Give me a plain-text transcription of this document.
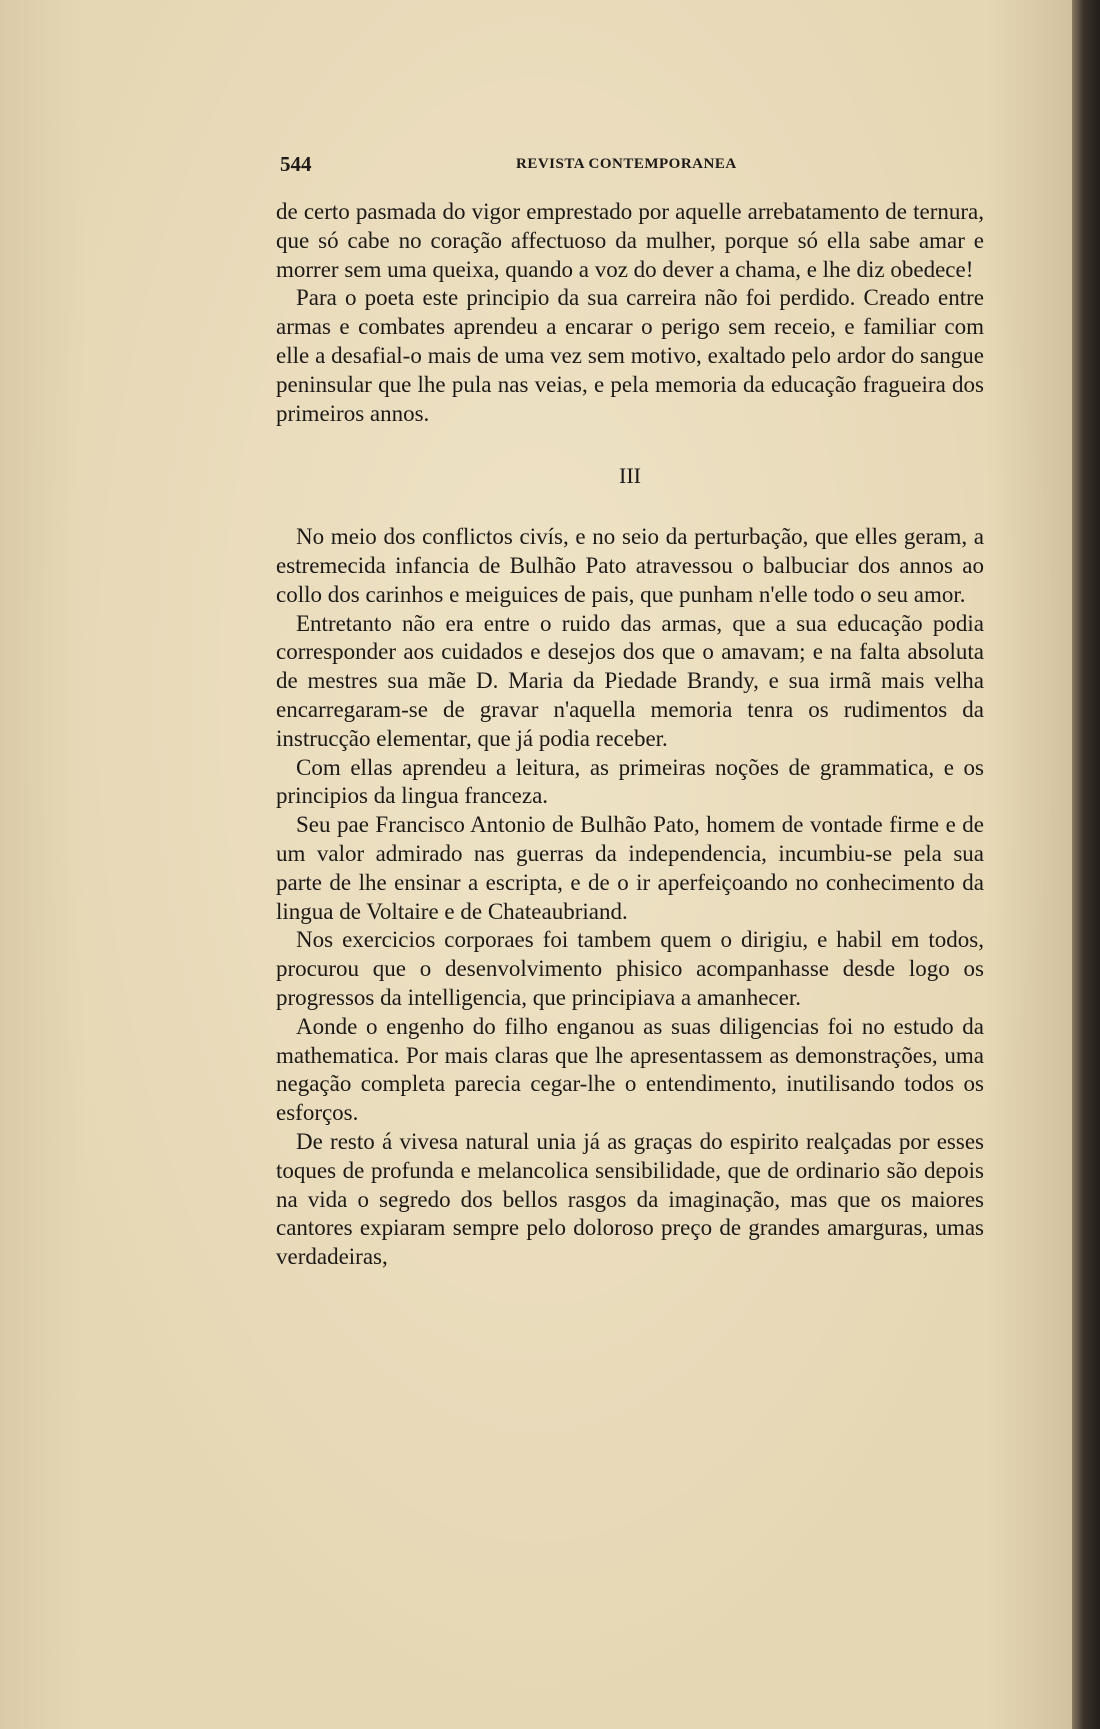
544	REVISTA CONTEMPORANEA

de certo pasmada do vigor emprestado por aquelle arrebatamento de ternura, que só cabe no coração affectuoso da mulher, porque só ella sabe amar e morrer sem uma queixa, quando a voz do dever a chama, e lhe diz obedece!

Para o poeta este principio da sua carreira não foi perdido. Creado entre armas e combates aprendeu a encarar o perigo sem receio, e familiar com elle a desafial-o mais de uma vez sem motivo, exaltado pelo ardor do sangue peninsular que lhe pula nas veias, e pela memoria da educação fragueira dos primeiros annos.

III

No meio dos conflictos civís, e no seio da perturbação, que elles geram, a estremecida infancia de Bulhão Pato atravessou o balbuciar dos annos ao collo dos carinhos e meiguices de pais, que punham n'elle todo o seu amor.

Entretanto não era entre o ruido das armas, que a sua educação podia corresponder aos cuidados e desejos dos que o amavam; e na falta absoluta de mestres sua mãe D. Maria da Piedade Brandy, e sua irmã mais velha encarregaram-se de gravar n'aquella memoria tenra os rudimentos da instrucção elementar, que já podia receber.

Com ellas aprendeu a leitura, as primeiras noções de grammatica, e os principios da lingua franceza.

Seu pae Francisco Antonio de Bulhão Pato, homem de vontade firme e de um valor admirado nas guerras da independencia, incumbiu-se pela sua parte de lhe ensinar a escripta, e de o ir aperfeiçoando no conhecimento da lingua de Voltaire e de Chateaubriand.

Nos exercicios corporaes foi tambem quem o dirigiu, e habil em todos, procurou que o desenvolvimento phisico acompanhasse desde logo os progressos da intelligencia, que principiava a amanhecer.

Aonde o engenho do filho enganou as suas diligencias foi no estudo da mathematica. Por mais claras que lhe apresentassem as demonstrações, uma negação completa parecia cegar-lhe o entendimento, inutilisando todos os esforços.

De resto á vivesa natural unia já as graças do espirito realçadas por esses toques de profunda e melancolica sensibilidade, que de ordinario são depois na vida o segredo dos bellos rasgos da imaginação, mas que os maiores cantores expiaram sempre pelo doloroso preço de grandes amarguras, umas verdadeiras,
